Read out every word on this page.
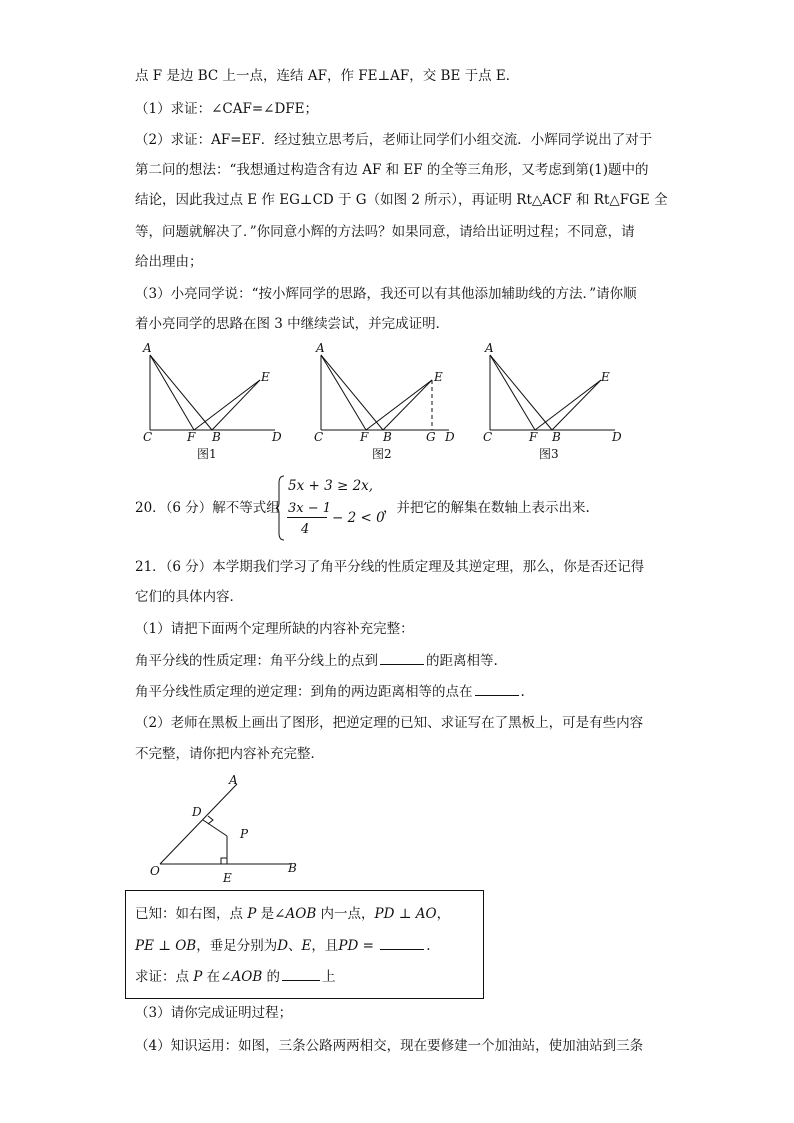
点 F 是边 BC 上一点，连结 AF，作 FE⊥AF，交 BE 于点 E．
（1）求证：∠CAF=∠DFE；
（2）求证：AF=EF．经过独立思考后，老师让同学们小组交流．小辉同学说出了对于
第二问的想法：“我想通过构造含有边 AF 和 EF 的全等三角形，又考虑到第(1)题中的
结论，因此我过点 E 作 EG⊥CD 于 G（如图 2 所示），再证明 Rt△ACF 和 Rt△FGE 全
等，问题就解决了．”你同意小辉的方法吗？如果同意，请给出证明过程；不同意，请
给出理由；
（3）小亮同学说：“按小辉同学的思路，我还可以有其他添加辅助线的方法．”请你顺
着小亮同学的思路在图 3 中继续尝试，并完成证明．
A
E
C	F B	D
图1
A
E
C	F B	G D
图2
A
E
C	F B	D
图3
20．（6 分）解不等式组
5x + 3 ≥ 2x,
3x − 1
4
− 2 < 0
，并把它的解集在数轴上表示出来.
21．（6 分）本学期我们学习了角平分线的性质定理及其逆定理，那么，你是否还记得
它们的具体内容．
（1）请把下面两个定理所缺的内容补充完整：
角平分线的性质定理：角平分线上的点到	的距离相等.
角平分线性质定理的逆定理：到角的两边距离相等的点在	.
（2）老师在黑板上画出了图形，把逆定理的已知、求证写在了黑板上，可是有些内容
不完整，请你把内容补充完整．
A
D
P
O	E
B
已知：如右图，点 P 是∠AOB 内一点，PD ⊥ AO，
PE ⊥ OB，垂足分别为D、E，且PD =	.
求证：点 P 在∠AOB 的	上
（3）请你完成证明过程；
（4）知识运用：如图，三条公路两两相交，现在要修建一个加油站，使加油站到三条
